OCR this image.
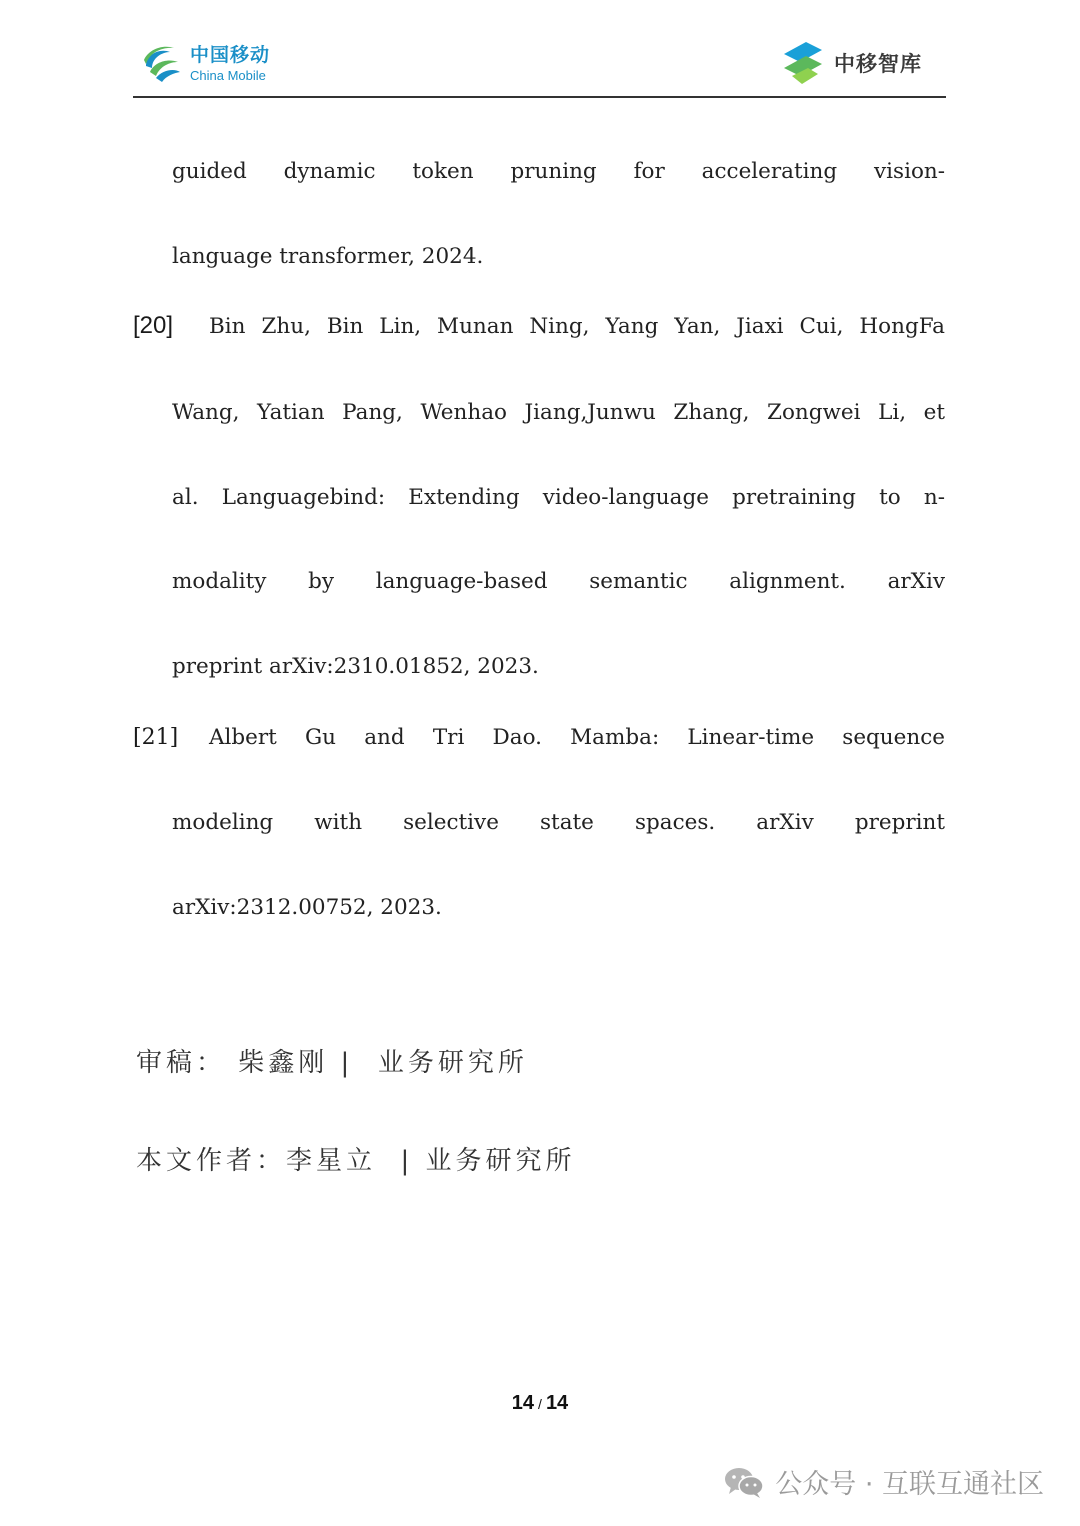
中国移动
China Mobile	中移智库
guided dynamic token pruning for accelerating vision-
language transformer, 2024.
[20] Bin Zhu, Bin Lin, Munan Ning, Yang Yan, Jiaxi Cui, HongFa
Wang, Yatian Pang, Wenhao Jiang,Junwu Zhang, Zongwei Li, et
al. Languagebind: Extending video-language pretraining to n-
modality by language-based semantic alignment. arXiv
preprint arXiv:2310.01852, 2023.
[21] Albert Gu and Tri Dao. Mamba: Linear-time sequence
modeling with selective state spaces. arXiv preprint
arXiv:2312.00752, 2023.
审稿： 柴鑫刚 |  业务研究所
本文作者：李星立  | 业务研究所
14 / 14
公众号 · 互联互通社区
